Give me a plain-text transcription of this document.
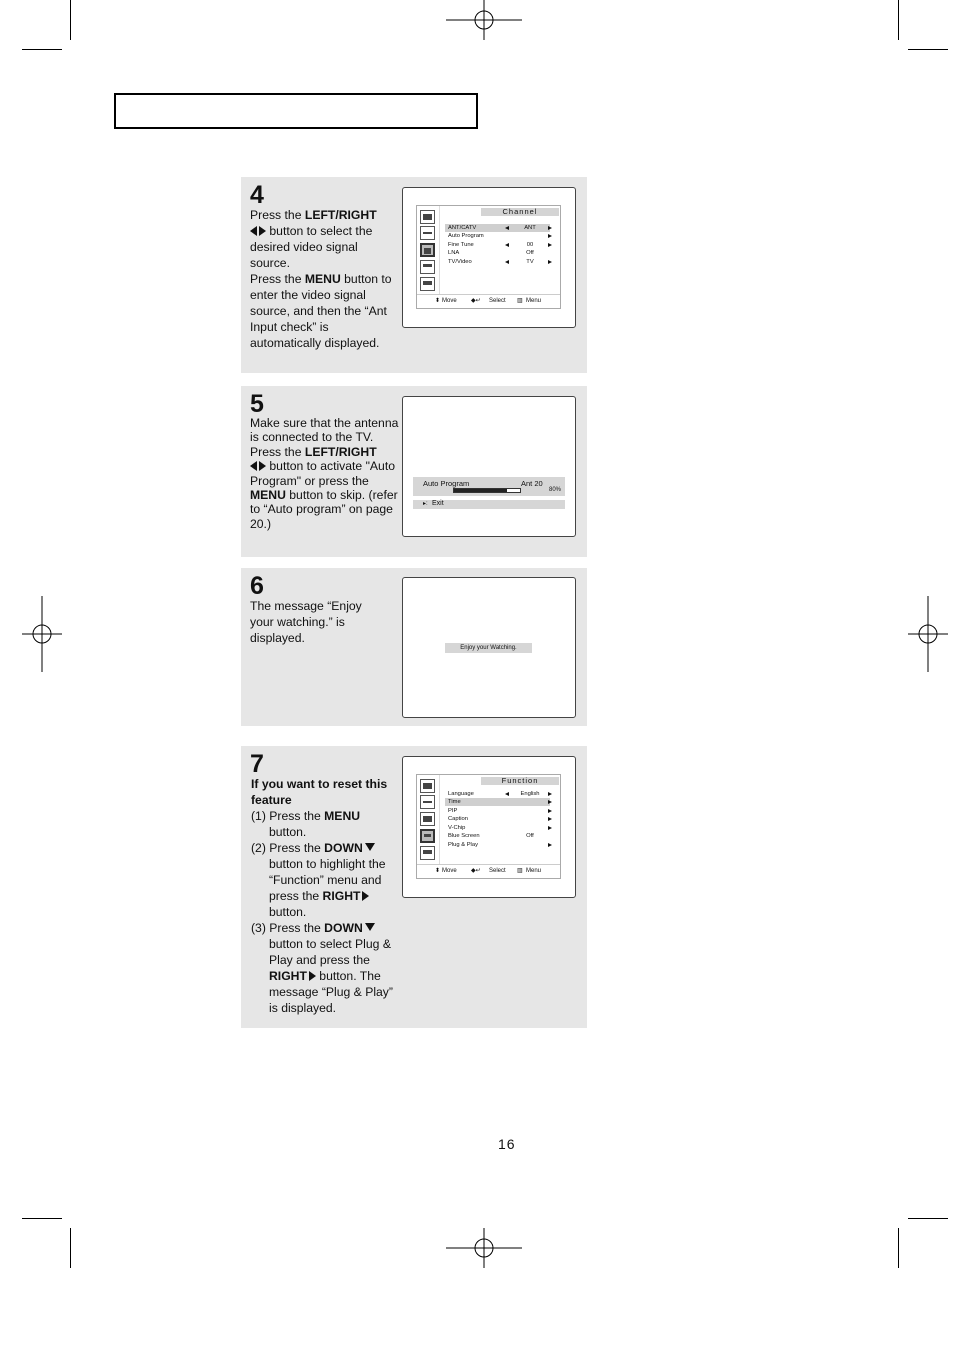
4
Press the LEFT/RIGHT
button to select the desired video signal source.
Press the MENU button to enter the video signal source, and then the “Ant Input check” is automatically displayed.
Channel
ANT/CATV	ANT
Auto Program
Fine Tune	00
LNA	Off
TV/Video	TV
⬍ Move ◆↵ Select ▥ Menu
5
Make sure that the antenna is connected to the TV.
Press the LEFT/RIGHT
button to activate "Auto Program" or press the MENU button to skip. (refer to “Auto program” on page 20.)
Auto Program	Ant 20
80%
▸: Exit
6
The message “Enjoy your watching.” is displayed.
Enjoy your Watching.
7
If you want to reset this feature
(1) Press the MENU
button.
(2) Press the DOWN
button to highlight the “Function” menu and press the RIGHT
button.
(3) Press the DOWN
button to select Plug & Play and press the
RIGHT button. The message “Plug & Play” is displayed.
Function
Language	English
Time
PIP
Caption
V-Chip
Blue Screen	Off
Plug & Play
⬍ Move ◆↵ Select ▥ Menu
16
